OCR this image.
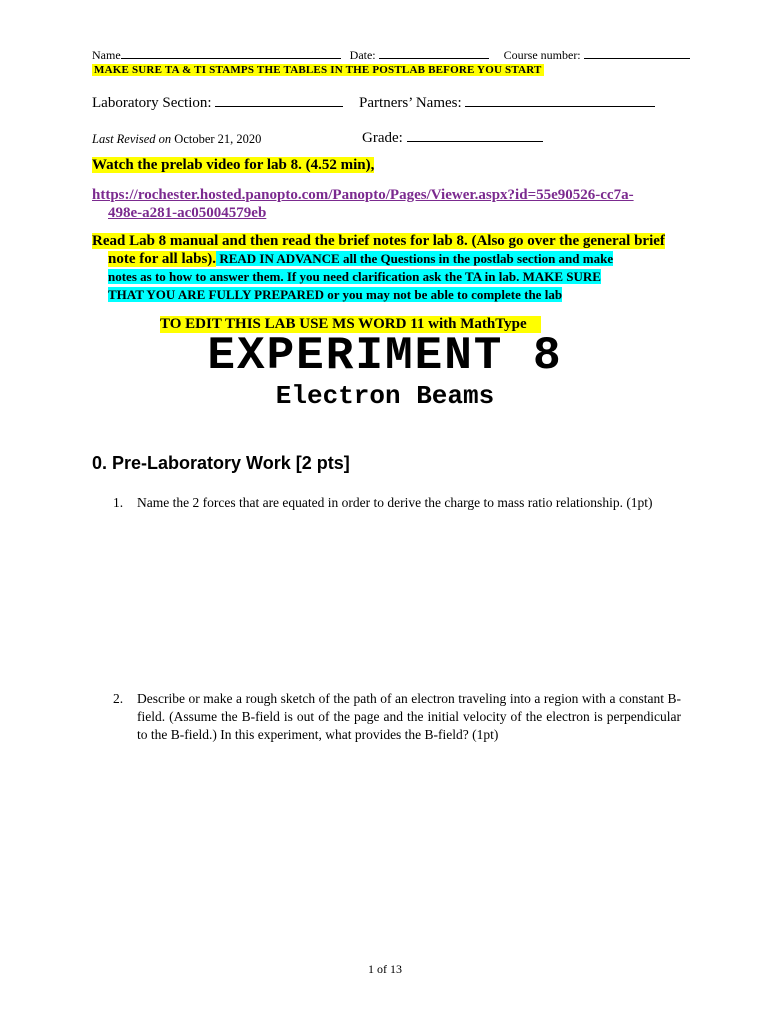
Name	Date:	Course number:
MAKE SURE TA & TI STAMPS THE TABLES IN THE POSTLAB BEFORE YOU START
Laboratory Section:	Partners’ Names:
Last Revised on October 21, 2020	Grade:
Watch the prelab video for lab 8. (4.52 min),
https://rochester.hosted.panopto.com/Panopto/Pages/Viewer.aspx?id=55e90526-cc7a-
498e-a281-ac05004579eb
Read Lab 8 manual and then read the brief notes for lab 8. (Also go over the general brief
note for all labs). READ IN ADVANCE all the Questions in the postlab section and make
notes as to how to answer them. If you need clarification ask the TA in lab. MAKE SURE
THAT YOU ARE FULLY PREPARED or you may not be able to complete the lab
TO EDIT THIS LAB USE MS WORD 11 with MathType
EXPERIMENT 8
Electron Beams
0. Pre-Laboratory Work [2 pts]
1. Name the 2 forces that are equated in order to derive the charge to mass ratio relationship. (1pt)
2. Describe or make a rough sketch of the path of an electron traveling into a region with a constant B-field. (Assume the B-field is out of the page and the initial velocity of the electron is perpendicular to the B-field.) In this experiment, what provides the B-field? (1pt)
1 of 13
